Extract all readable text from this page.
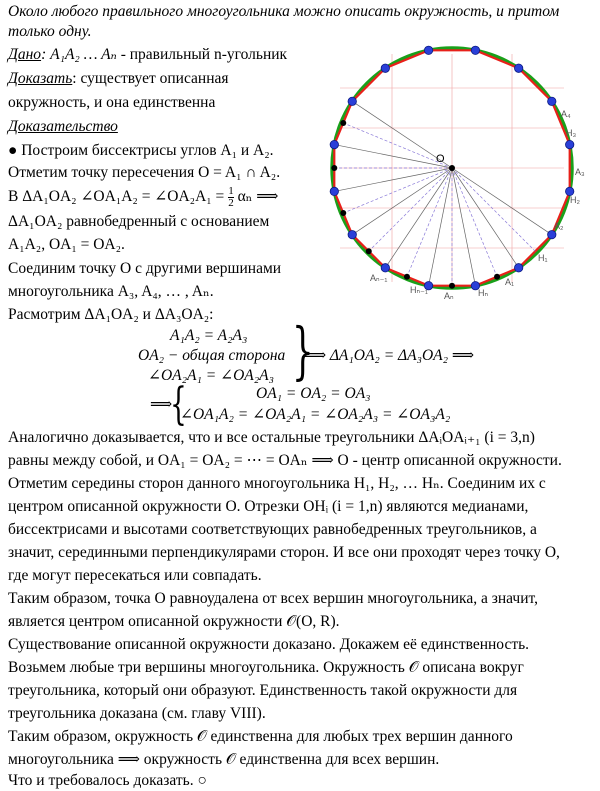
Около любого правильного многоугольника можно описать окружность, и притом
только одну.
Дано: A₁A₂ … Aₙ - правильный n-угольник
Доказать: существует описанная
окружность, и она единственна
Доказательство
● Построим биссектрисы углов A₁ и A₂.
Отметим точку пересечения O = A₁ ∩ A₂.
В ΔA₁OA₂ ∠OA₁A₂ = ∠OA₂A₁ = $\frac{1}{2}$ αₙ ⟹
ΔA₁OA₂ равнобедренный с основанием
A₁A₂, OA₁ = OA₂.
Соединим точку O с другими вершинами
многоугольника A₃, A₄, … , Aₙ.
Расмотрим ΔA₁OA₂ и ΔA₃OA₂:
A₁A₂ = A₂A₃
OA₂ − общая сторона
∠OA₂A₁ = ∠OA₂A₃ }
⟹ ΔA₁OA₂ = ΔA₃OA₂ ⟹
⟹
{	OA₁ = OA₂ = OA₃
∠OA₁A₂ = ∠OA₂A₁ = ∠OA₂A₃ = ∠OA₃A₂
Аналогично доказывается, что и все остальные треугольники ΔAᵢOAᵢ₊₁ (i = 3,n)
равны между собой, и OA₁ = OA₂ = ⋯ = OAₙ ⟹ O - центр описанной окружности.
Отметим середины сторон данного многоугольника H₁, H₂, … Hₙ. Соединим их с
центром описанной окружности O. Отрезки OHᵢ (i = 1,n) являются медианами,
биссектрисами и высотами соответствующих равнобедренных треугольников, а
значит, серединными перпендикулярами сторон. И все они проходят через точку O,
где могут пересекаться или совпадать.
Таким образом, точка O равноудалена от всех вершин многоугольника, а значит,
является центром описанной окружности 𝒪(O, R).
Существование описанной окружности доказано. Докажем её единственность.
Возьмем любые три вершины многоугольника. Окружность 𝒪 описана вокруг
треугольника, который они образуют. Единственность такой окружности для
треугольника доказана (см. главу VIII).
Таким образом, окружность 𝒪 единственна для любых трех вершин данного
многоугольника ⟹ окружность 𝒪 единственна для всех вершин.
Что и требовалось доказать. ○
O
A₄
H₃
A₃
H₂
A₂
H₁
A₁
Hₙ
Aₙ
Hₙ₋₁
Aₙ₋₁
